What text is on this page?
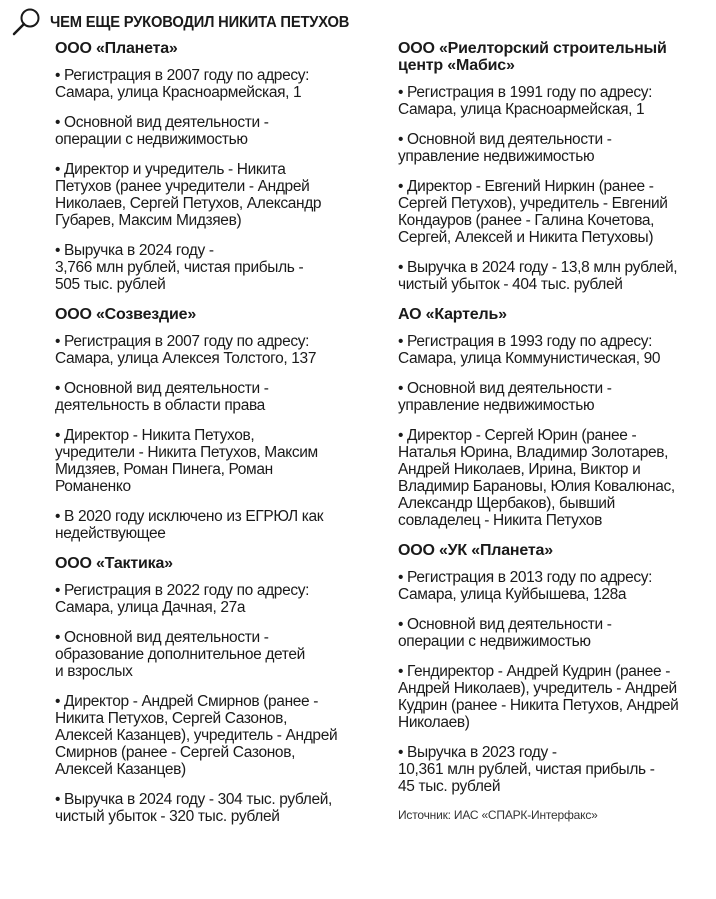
ЧЕМ ЕЩЕ РУКОВОДИЛ НИКИТА ПЕТУХОВ
ООО «Планета»

• Регистрация в 2007 году по адресу:
Самара, улица Красноармейская, 1

• Основной вид деятельности -
операции с недвижимостью

• Директор и учредитель - Никита
Петухов (ранее учредители - Андрей
Николаев, Сергей Петухов, Александр
Губарев, Максим Мидзяев)

• Выручка в 2024 году -
3,766 млн рублей, чистая прибыль -
505 тыс. рублей

ООО «Созвездие»

• Регистрация в 2007 году по адресу:
Самара, улица Алексея Толстого, 137

• Основной вид деятельности -
деятельность в области права

• Директор - Никита Петухов,
учредители - Никита Петухов, Максим
Мидзяев, Роман Пинега, Роман
Романенко

• В 2020 году исключено из ЕГРЮЛ как
недействующее

ООО «Тактика»

• Регистрация в 2022 году по адресу:
Самара, улица Дачная, 27а

• Основной вид деятельности -
образование дополнительное детей
и взрослых

• Директор - Андрей Смирнов (ранее -
Никита Петухов, Сергей Сазонов,
Алексей Казанцев), учредитель - Андрей
Смирнов (ранее - Сергей Сазонов,
Алексей Казанцев)

• Выручка в 2024 году - 304 тыс. рублей,
чистый убыток - 320 тыс. рублей

ООО «Риелторский строительный
центр «Мабис»

• Регистрация в 1991 году по адресу:
Самара, улица Красноармейская, 1

• Основной вид деятельности -
управление недвижимостью

• Директор - Евгений Ниркин (ранее -
Сергей Петухов), учредитель - Евгений
Кондауров (ранее - Галина Кочетова,
Сергей, Алексей и Никита Петуховы)

• Выручка в 2024 году - 13,8 млн рублей,
чистый убыток - 404 тыс. рублей

АО «Картель»

• Регистрация в 1993 году по адресу:
Самара, улица Коммунистическая, 90

• Основной вид деятельности -
управление недвижимостью

• Директор - Сергей Юрин (ранее -
Наталья Юрина, Владимир Золотарев,
Андрей Николаев, Ирина, Виктор и
Владимир Барановы, Юлия Ковалюнас,
Александр Щербаков), бывший
совладелец - Никита Петухов

ООО «УК «Планета»

• Регистрация в 2013 году по адресу:
Самара, улица Куйбышева, 128а

• Основной вид деятельности -
операции с недвижимостью

• Гендиректор - Андрей Кудрин (ранее -
Андрей Николаев), учредитель - Андрей
Кудрин (ранее - Никита Петухов, Андрей
Николаев)

• Выручка в 2023 году -
10,361 млн рублей, чистая прибыль -
45 тыс. рублей

Источник: ИАС «СПАРК-Интерфакс»
